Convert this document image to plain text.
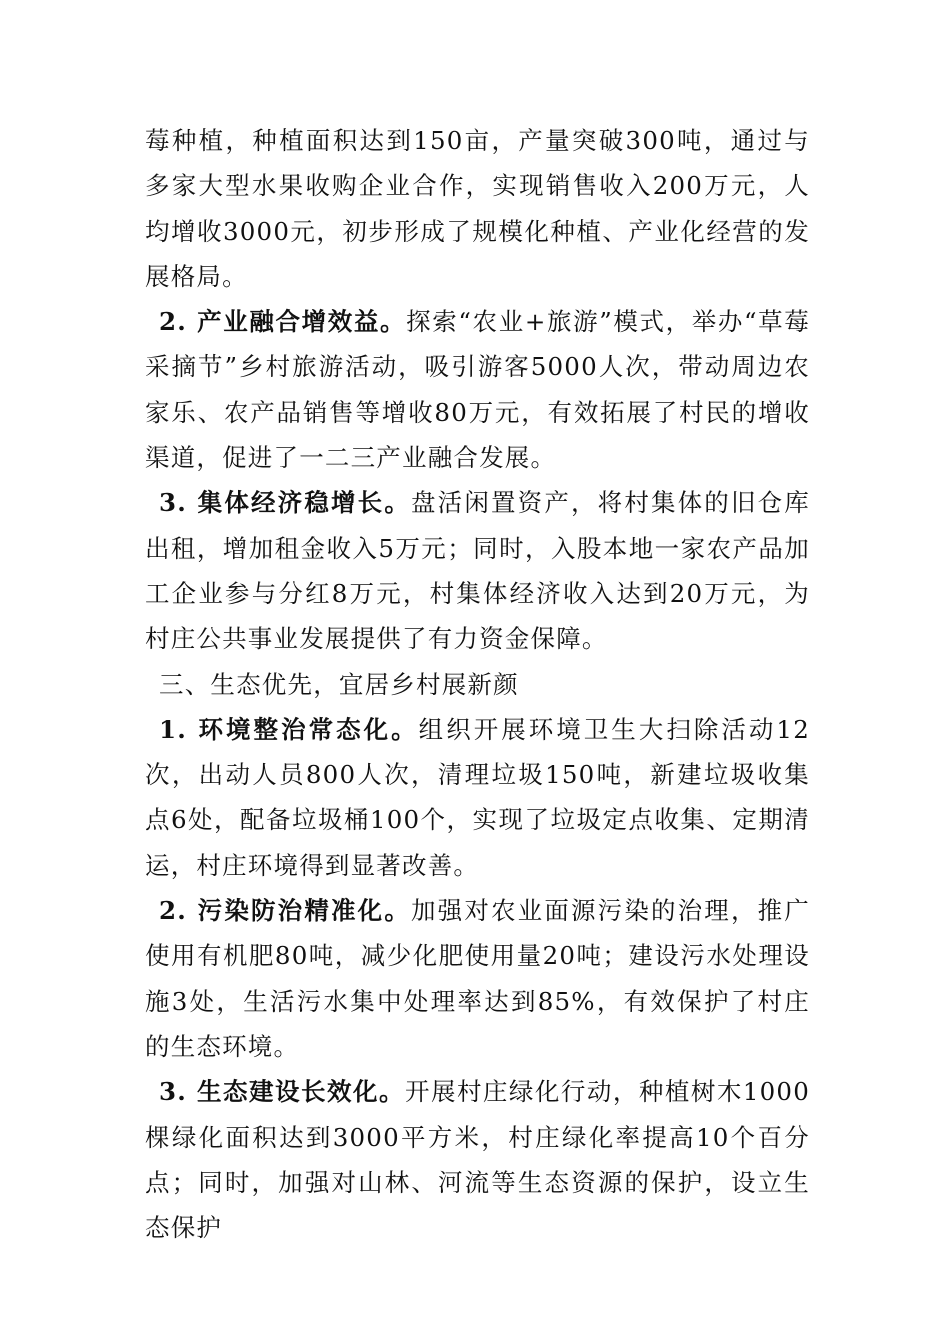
莓种植，种植面积达到150亩，产量突破300吨，通过与多家大型水果收购企业合作，实现销售收入200万元，人均增收3000元，初步形成了规模化种植、产业化经营的发展格局。

2. 产业融合增效益。探索“农业+旅游”模式，举办“草莓采摘节”乡村旅游活动，吸引游客5000人次，带动周边农家乐、农产品销售等增收80万元，有效拓展了村民的增收渠道，促进了一二三产业融合发展。

3. 集体经济稳增长。盘活闲置资产，将村集体的旧仓库出租，增加租金收入5万元；同时，入股本地一家农产品加工企业参与分红8万元，村集体经济收入达到20万元，为村庄公共事业发展提供了有力资金保障。

三、生态优先，宜居乡村展新颜

1. 环境整治常态化。组织开展环境卫生大扫除活动12次，出动人员800人次，清理垃圾150吨，新建垃圾收集点6处，配备垃圾桶100个，实现了垃圾定点收集、定期清运，村庄环境得到显著改善。

2. 污染防治精准化。加强对农业面源污染的治理，推广使用有机肥80吨，减少化肥使用量20吨；建设污水处理设施3处，生活污水集中处理率达到85%，有效保护了村庄的生态环境。

3. 生态建设长效化。开展村庄绿化行动，种植树木1000棵绿化面积达到3000平方米，村庄绿化率提高10个百分点；同时，加强对山林、河流等生态资源的保护，设立生态保护
